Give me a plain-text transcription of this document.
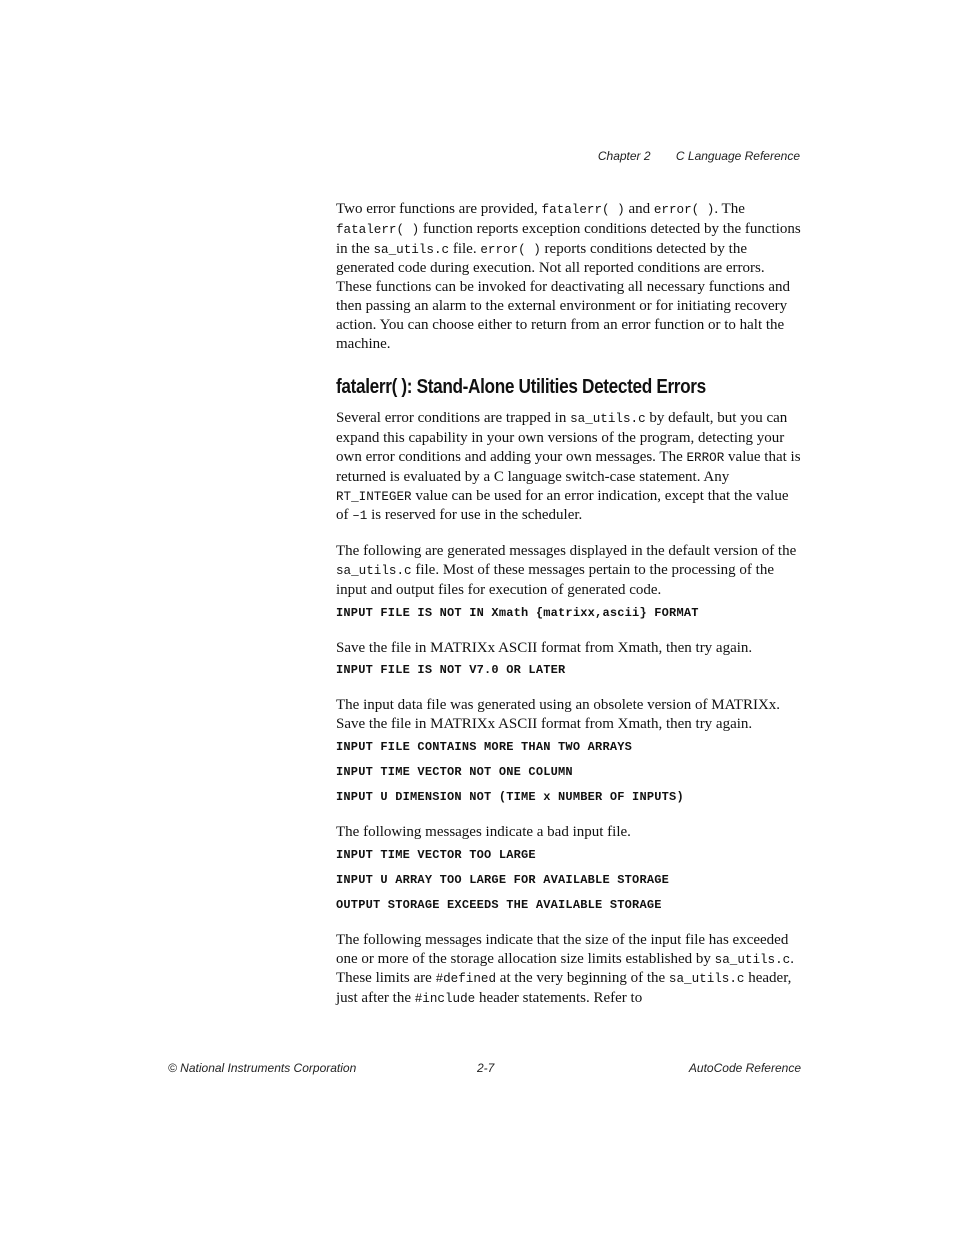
Chapter 2 C Language Reference

Two error functions are provided, fatalerr( ) and error( ). The fatalerr( ) function reports exception conditions detected by the functions in the sa_utils.c file. error( ) reports conditions detected by the generated code during execution. Not all reported conditions are errors. These functions can be invoked for deactivating all necessary functions and then passing an alarm to the external environment or for initiating recovery action. You can choose either to return from an error function or to halt the machine.

fatalerr( ): Stand-Alone Utilities Detected Errors

Several error conditions are trapped in sa_utils.c by default, but you can expand this capability in your own versions of the program, detecting your own error conditions and adding your own messages. The ERROR value that is returned is evaluated by a C language switch-case statement. Any RT_INTEGER value can be used for an error indication, except that the value of –1 is reserved for use in the scheduler.

The following are generated messages displayed in the default version of the sa_utils.c file. Most of these messages pertain to the processing of the input and output files for execution of generated code.

INPUT FILE IS NOT IN Xmath {matrixx,ascii} FORMAT

Save the file in MATRIXx ASCII format from Xmath, then try again.

INPUT FILE IS NOT V7.0 OR LATER

The input data file was generated using an obsolete version of MATRIXx. Save the file in MATRIXx ASCII format from Xmath, then try again.

INPUT FILE CONTAINS MORE THAN TWO ARRAYS
INPUT TIME VECTOR NOT ONE COLUMN
INPUT U DIMENSION NOT (TIME x NUMBER OF INPUTS)

The following messages indicate a bad input file.

INPUT TIME VECTOR TOO LARGE
INPUT U ARRAY TOO LARGE FOR AVAILABLE STORAGE
OUTPUT STORAGE EXCEEDS THE AVAILABLE STORAGE

The following messages indicate that the size of the input file has exceeded one or more of the storage allocation size limits established by sa_utils.c. These limits are #defined at the very beginning of the sa_utils.c header, just after the #include header statements. Refer to

© National Instruments Corporation	2-7	AutoCode Reference
